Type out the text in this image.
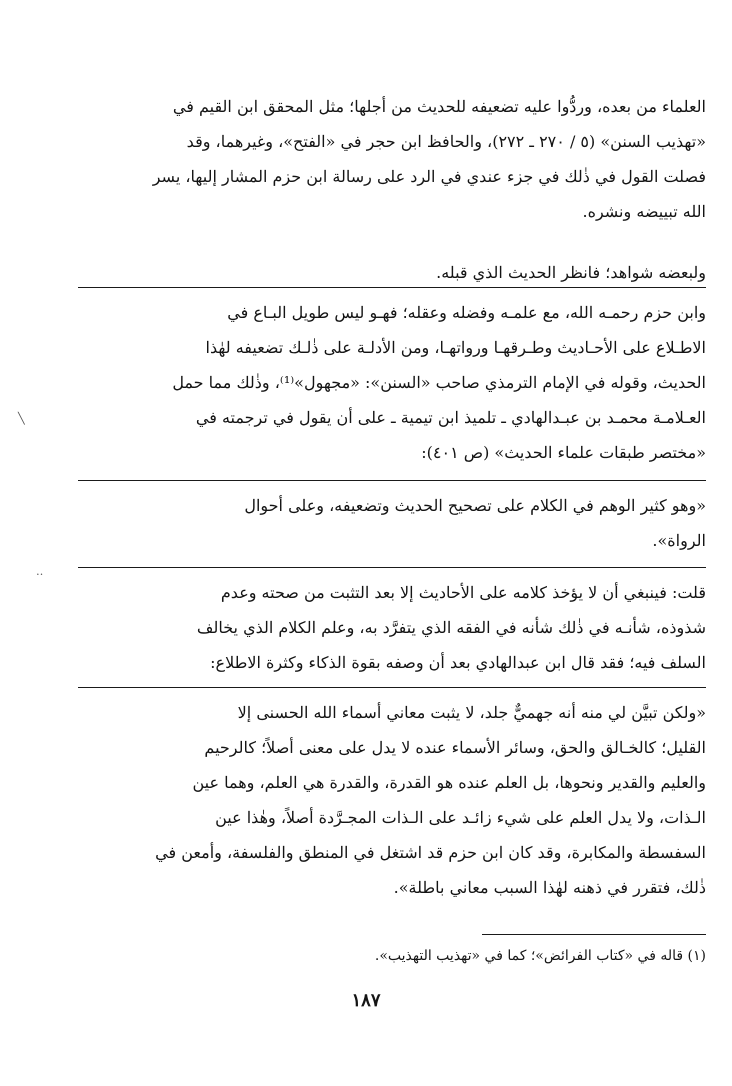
العلماء من بعده، وردُّوا عليه تضعيفه للحديث من أجلها؛ مثل المحقق ابن القيم في
«تهذيب السنن» (٥ / ٢٧٠ ـ ٢٧٢)، والحافظ ابن حجر في «الفتح»، وغيرهما، وقد
فصلت القول في ذٰلك في جزء عندي في الرد على رسالة ابن حزم المشار إليها، يسر
الله تبييضه ونشره.
ولبعضه شواهد؛ فانظر الحديث الذي قبله.
وابن حزم رحمـه الله، مع علمـه وفضله وعقله؛ فهـو ليس طويل البـاع في
الاطـلاع على الأحـاديث وطـرقهـا ورواتهـا، ومن الأدلـة على ذٰلـك تضعيفه لهٰذا
الحديث، وقوله في الإمام الترمذي صاحب «السنن»: «مجهول»⁽¹⁾، وذٰلك مما حمل
العـلامـة محمـد بن عبـدالهادي ـ تلميذ ابن تيمية ـ على أن يقول في ترجمته في
«مختصر طبقات علماء الحديث» (ص ٤٠١):
«وهو كثير الوهم في الكلام على تصحيح الحديث وتضعيفه، وعلى أحوال
الرواة».
قلت: فينبغي أن لا يؤخذ كلامه على الأحاديث إلا بعد التثبت من صحته وعدم
شذوذه، شأنـه في ذٰلك شأنه في الفقه الذي يتفرَّد به، وعلم الكلام الذي يخالف
السلف فيه؛ فقد قال ابن عبدالهادي بعد أن وصفه بقوة الذكاء وكثرة الاطلاع:
«ولكن تبيَّن لي منه أنه جهميٌّ جلد، لا يثبت معاني أسماء الله الحسنى إلا
القليل؛ كالخـالق والحق، وسائر الأسماء عنده لا يدل على معنى أصلاً؛ كالرحيم
والعليم والقدير ونحوها، بل العلم عنده هو القدرة، والقدرة هي العلم، وهما عين
الـذات، ولا يدل العلم على شيء زائـد على الـذات المجـرَّدة أصلاً، وهٰذا عين
السفسطة والمكابرة، وقد كان ابن حزم قد اشتغل في المنطق والفلسفة، وأمعن في
ذٰلك، فتقرر في ذهنه لهٰذا السبب معاني باطلة».
(١) قاله في «كتاب الفرائض»؛ كما في «تهذيب التهذيب».
١٨٧
╲
‥
